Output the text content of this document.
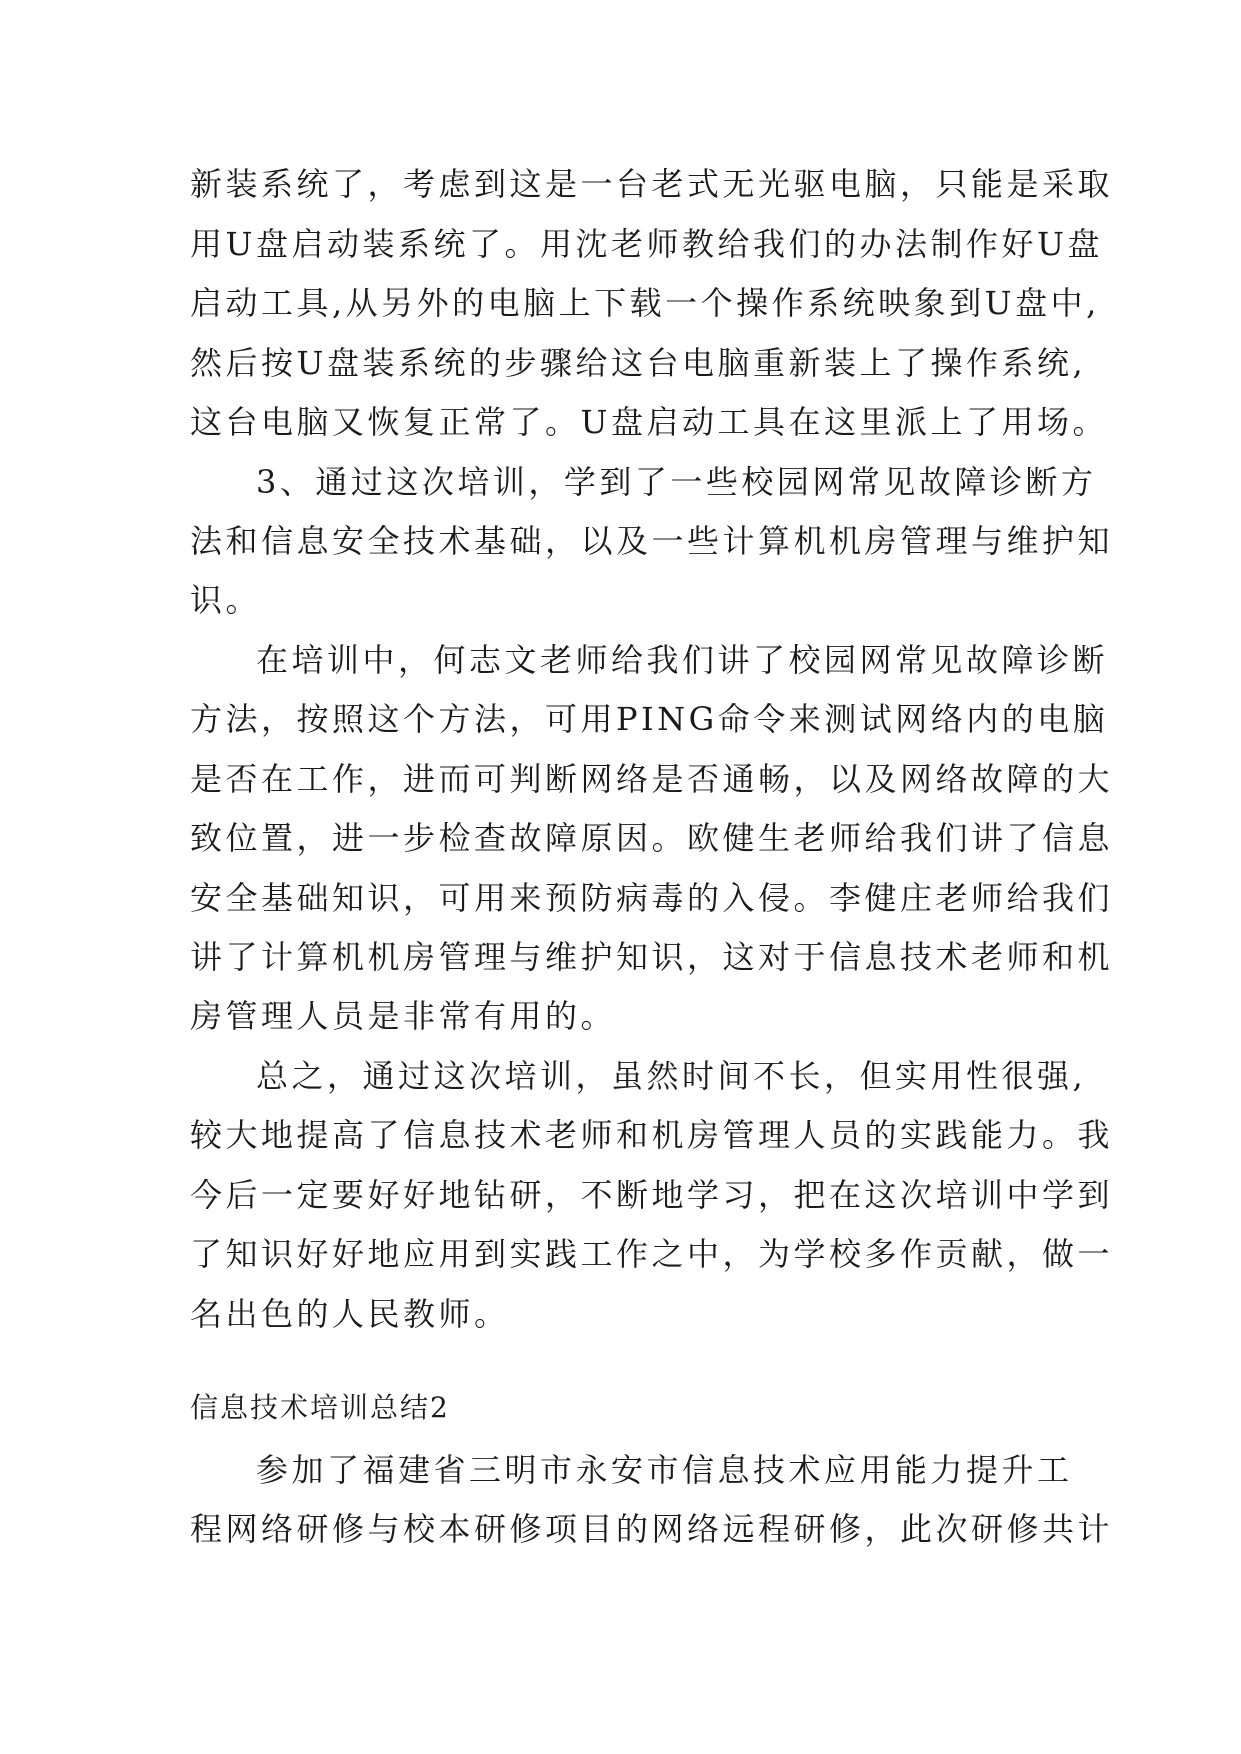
新装系统了，考虑到这是一台老式无光驱电脑，只能是采取
用U盘启动装系统了。用沈老师教给我们的办法制作好U盘
启动工具,从另外的电脑上下载一个操作系统映象到U盘中,
然后按U盘装系统的步骤给这台电脑重新装上了操作系统,
这台电脑又恢复正常了。U盘启动工具在这里派上了用场。
3、通过这次培训，学到了一些校园网常见故障诊断方
法和信息安全技术基础，以及一些计算机机房管理与维护知
识。
在培训中，何志文老师给我们讲了校园网常见故障诊断
方法，按照这个方法，可用PING命令来测试网络内的电脑
是否在工作，进而可判断网络是否通畅，以及网络故障的大
致位置，进一步检查故障原因。欧健生老师给我们讲了信息
安全基础知识，可用来预防病毒的入侵。李健庄老师给我们
讲了计算机机房管理与维护知识，这对于信息技术老师和机
房管理人员是非常有用的。
总之，通过这次培训，虽然时间不长，但实用性很强,
较大地提高了信息技术老师和机房管理人员的实践能力。我
今后一定要好好地钻研，不断地学习，把在这次培训中学到
了知识好好地应用到实践工作之中，为学校多作贡献，做一
名出色的人民教师。
信息技术培训总结2
参加了福建省三明市永安市信息技术应用能力提升工
程网络研修与校本研修项目的网络远程研修，此次研修共计
